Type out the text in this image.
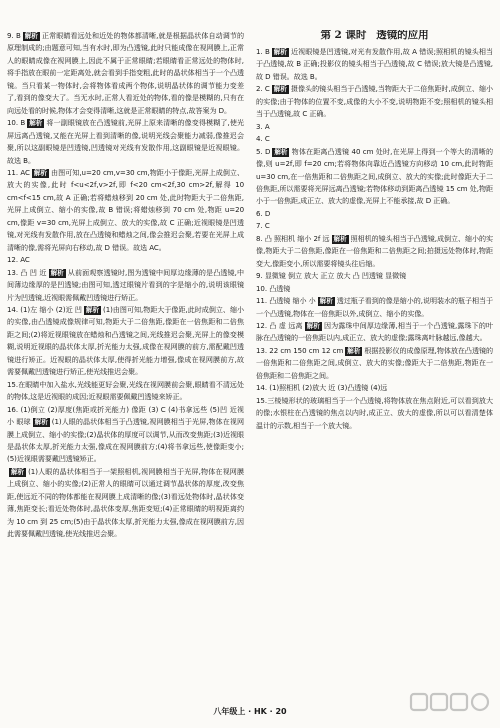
9. B 解析 正常眼睛看远处和近处的物体都清晰,就是根据晶状体自动调节的原理制成的;由题意可知,当有水时,即为凸透镜,此时只能成像在视网膜上,正常人的眼睛成像在视网膜上,因此不属于正常眼睛;若眼睛看正常远处的物体时,将手指放在眼前一定距离处,就会看到手指变粗,此时的晶状体相当于一个凸透镜。当只看某一物体时,会将物体看成两个物体,说明晶状体的调节能力变差了,看到的像变大了。当无水时,正常人看近处的物体,看的像是模糊的,只有在向远处看的时候,物体才会变得清晰,这就是正常眼睛的特点,故答案为 D。

10. B 解析 将一副眼镜放在凸透镜前,光屏上原来清晰的像变得模糊了,使光屏远离凸透镜,又能在光屏上看到清晰的像,说明光线会聚能力减弱,像推迟会聚,所以这副眼镜是凹透镜,凹透镜对光线有发散作用,这副眼镜是近视眼镜。故选 B。

11. AC 解析 由图可知,u=20 cm,v=30 cm,物距小于像距,光屏上成倒立、放大的实像,此时 f<u<2f,v>2f,即 f<20 cm<2f,30 cm>2f,解得 10 cm<f<15 cm,故 A 正确;若将蜡烛移到 20 cm 处,此时物距大于二倍焦距,光屏上成倒立、缩小的实像,故 B 错误;将蜡烛移到 70 cm 处,物距 u=20 cm,像距 v=30 cm,光屏上成倒立、放大的实像,故 C 正确;近视眼镜是凹透镜,对光线有发散作用,放在凸透镜和蜡烛之间,像会推迟会聚,若要在光屏上成清晰的像,需将光屏向右移动,故 D 错误。故选 AC。

12. AC

13. 凸 凹 近 解析 从前面观察透镜时,图为透镜中间厚边缘薄的是凸透镜,中间薄边缘厚的是凹透镜;由图可知,透过眼镜片看到的字是缩小的,说明该眼镜片为凹透镜,近视眼需佩戴凹透镜进行矫正。

14. (1)左 缩小 (2)近 凹 解析 (1)由图可知,物距大于像距,此时成倒立、缩小的实像,由凸透镜成像规律可知,物距大于二倍焦距,像距在一倍焦距和二倍焦距之间;(2)将近视眼镜放在蜡烛和凸透镜之间,光线推迟会聚,光屏上的像变模糊,说明近视眼的晶状体太厚,折光能力太强,成像在视网膜的前方,需配戴凹透镜进行矫正。近视眼的晶状体太厚,使得折光能力增强,像成在视网膜前方,故需要佩戴凹透镜进行矫正,使光线推迟会聚。

15.在眼睛中加入盐水,光线能更好会聚,光线在视网膜前会聚,眼睛看不清远处的物体,这是近视眼的成因;近视眼需要佩戴凹透镜来矫正。

16. (1)倒立 (2)厚度(焦距或折光能力) 像距 (3) C (4)书拿远些 (5)凹 近视 小 眼球 解析 (1)人眼的晶状体相当于凸透镜,视网膜相当于光屏,物体在视网膜上成倒立、缩小的实像;(2)晶状体的厚度可以调节,从而改变焦距;(3)近视眼是晶状体太厚,折光能力太强,像成在视网膜前方;(4)将书拿远些,使像距变小;(5)近视眼需要戴凹透镜矫正。

解析 (1)人眼的晶状体相当于一架照相机,视网膜相当于光屏,物体在视网膜上成倒立、缩小的实像;(2)正常人的眼睛可以通过调节晶状体的厚度,改变焦距,使远近不同的物体都能在视网膜上成清晰的像;(3)看远处物体时,晶状体变薄,焦距变长;看近处物体时,晶状体变厚,焦距变短;(4)正常眼睛的明视距离约为 10 cm 到 25 cm;(5)由于晶状体太厚,折光能力太强,像成在视网膜前方,因此需要佩戴凹透镜,使光线推迟会聚。

第 2 课时 透镜的应用

1. B 解析 近视眼镜是凹透镜,对光有发散作用,故 A 错误;照相机的镜头相当于凸透镜,故 B 正确;投影仪的镜头相当于凸透镜,故 C 错误;放大镜是凸透镜,故 D 错误。故选 B。

2. C 解析 摄像头的镜头相当于凸透镜,当物距大于二倍焦距时,成倒立、缩小的实像;由于物体的位置不变,成像的大小不变,说明物距不变;照相机的镜头相当于凸透镜,故 C 正确。

3. A

4. C

5. D 解析 物体在距离凸透镜 40 cm 处时,在光屏上得到一个等大的清晰的像,则 u=2f,即 f=20 cm;若将物体向靠近凸透镜方向移动 10 cm,此时物距 u=30 cm,在一倍焦距和二倍焦距之间,成倒立、放大的实像;此时像距大于二倍焦距,所以需要将光屏远离凸透镜;若物体移动到距离凸透镜 15 cm 处,物距小于一倍焦距,成正立、放大的虚像,光屏上不能承接,故 D 正确。

6. D

7. C

8. 凸 照相机 缩小 2f 远 解析 照相机的镜头相当于凸透镜,成倒立、缩小的实像,物距大于二倍焦距,像距在一倍焦距和二倍焦距之间;拍摄远处物体时,物距变大,像距变小,所以需要将镜头往后缩。

9. 显微镜 倒立 放大 正立 放大 凸 凹透镜 显微镜

10. 凸透镜

11. 凸透镜 缩小 小 解析 透过瓶子看到的像是缩小的,说明装水的瓶子相当于一个凸透镜,物体在一倍焦距以外,成倒立、缩小的实像。

12. 凸 虚 远离 解析 因为露珠中间厚边缘薄,相当于一个凸透镜,露珠下的叶脉在凸透镜的一倍焦距以内,成正立、放大的虚像;露珠离叶脉越远,像越大。

13. 22 cm 150 cm 12 cm 解析 根据投影仪的成像原理,物体放在凸透镜的一倍焦距和二倍焦距之间,成倒立、放大的实像;像距大于二倍焦距,物距在一倍焦距和二倍焦距之间。

14. (1)照相机 (2)放大 近 (3)凸透镜 (4)远

15.三棱镜形状的玻璃相当于一个凸透镜,将物体放在焦点附近,可以看到放大的像;水银柱在凸透镜的焦点以内时,成正立、放大的虚像,所以可以看清楚体温计的示数,相当于一个放大镜。

八年级上 · HK · 20
